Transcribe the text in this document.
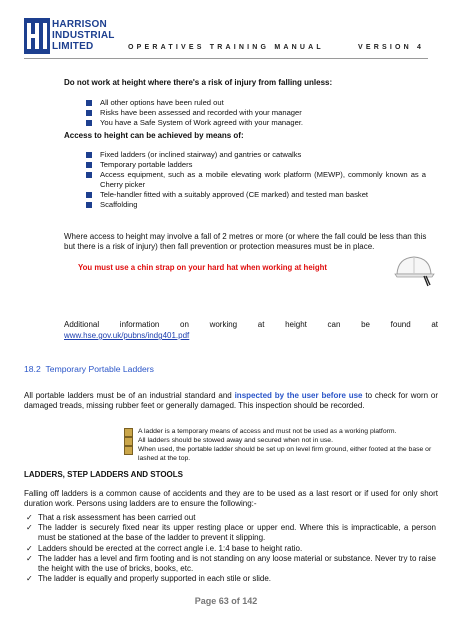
HARRISON
INDUSTRIAL
LIMITED	OPERATIVES TRAINING MANUAL	VERSION 4
Do not work at height where there's a risk of injury from falling unless:
All other options have been ruled out
Risks have been assessed and recorded with your manager
You have a Safe System of Work agreed with your manager.
Access to height can be achieved by means of:
Fixed ladders (or inclined stairway) and gantries or catwalks
Temporary portable ladders
Access equipment, such as a mobile elevating work platform (MEWP), commonly known as a Cherry picker
Tele-handler fitted with a suitably approved (CE marked) and tested man basket
Scaffolding
Where access to height may involve a fall of 2 metres or more (or where the fall could be less than this but there is a risk of injury) then fall prevention or protection measures must be in place.
You must use a chin strap on your hard hat when working at height
Additional information on working at height can be found at
www.hse.gov.uk/pubns/indg401.pdf
18.2 Temporary Portable Ladders
All portable ladders must be of an industrial standard and inspected by the user before use to check for worn or damaged treads, missing rubber feet or generally damaged. This inspection should be recorded.
A ladder is a temporary means of access and must not be used as a working platform.
All ladders should be stowed away and secured when not in use.
When used, the portable ladder should be set up on level firm ground, either footed at the base or lashed at the top.
LADDERS, STEP LADDERS AND STOOLS
Falling off ladders is a common cause of accidents and they are to be used as a last resort or if used for only short duration work. Persons using ladders are to ensure the following:-
✓ That a risk assessment has been carried out
✓ The ladder is securely fixed near its upper resting place or upper end. Where this is impracticable, a person must be stationed at the base of the ladder to prevent it slipping.
✓ Ladders should be erected at the correct angle i.e. 1:4 base to height ratio.
✓ The ladder has a level and firm footing and is not standing on any loose material or substance. Never try to raise the height with the use of bricks, books, etc.
✓ The ladder is equally and properly supported in each stile or slide.
Page 63 of 142
